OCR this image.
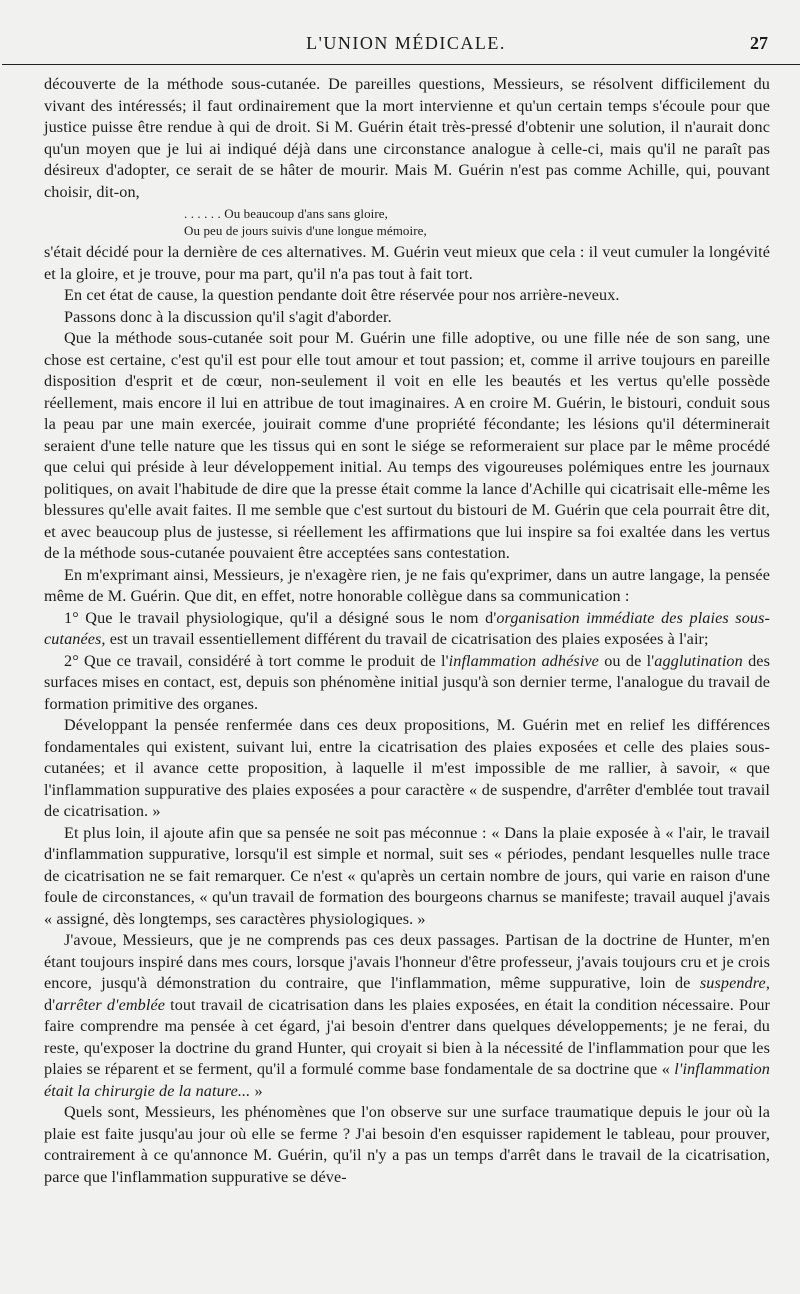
L'UNION MÉDICALE.	27

découverte de la méthode sous-cutanée. De pareilles questions, Messieurs, se résolvent difficilement du vivant des intéressés; il faut ordinairement que la mort intervienne et qu'un certain temps s'écoule pour que justice puisse être rendue à qui de droit. Si M. Guérin était très-pressé d'obtenir une solution, il n'aurait donc qu'un moyen que je lui ai indiqué déjà dans une circonstance analogue à celle-ci, mais qu'il ne paraît pas désireux d'adopter, ce serait de se hâter de mourir. Mais M. Guérin n'est pas comme Achille, qui, pouvant choisir, dit-on,

. . . . . . Ou beaucoup d'ans sans gloire,
Ou peu de jours suivis d'une longue mémoire,

s'était décidé pour la dernière de ces alternatives. M. Guérin veut mieux que cela : il veut cumuler la longévité et la gloire, et je trouve, pour ma part, qu'il n'a pas tout à fait tort.

En cet état de cause, la question pendante doit être réservée pour nos arrière-neveux.

Passons donc à la discussion qu'il s'agit d'aborder.

Que la méthode sous-cutanée soit pour M. Guérin une fille adoptive, ou une fille née de son sang, une chose est certaine, c'est qu'il est pour elle tout amour et tout passion; et, comme il arrive toujours en pareille disposition d'esprit et de cœur, non-seulement il voit en elle les beautés et les vertus qu'elle possède réellement, mais encore il lui en attribue de tout imaginaires. A en croire M. Guérin, le bistouri, conduit sous la peau par une main exercée, jouirait comme d'une propriété fécondante; les lésions qu'il déterminerait seraient d'une telle nature que les tissus qui en sont le siége se reformeraient sur place par le même procédé que celui qui préside à leur développement initial. Au temps des vigoureuses polémiques entre les journaux politiques, on avait l'habitude de dire que la presse était comme la lance d'Achille qui cicatrisait elle-même les blessures qu'elle avait faites. Il me semble que c'est surtout du bistouri de M. Guérin que cela pourrait être dit, et avec beaucoup plus de justesse, si réellement les affirmations que lui inspire sa foi exaltée dans les vertus de la méthode sous-cutanée pouvaient être acceptées sans contestation.

En m'exprimant ainsi, Messieurs, je n'exagère rien, je ne fais qu'exprimer, dans un autre langage, la pensée même de M. Guérin. Que dit, en effet, notre honorable collègue dans sa communication :

1° Que le travail physiologique, qu'il a désigné sous le nom d'organisation immédiate des plaies sous-cutanées, est un travail essentiellement différent du travail de cicatrisation des plaies exposées à l'air;

2° Que ce travail, considéré à tort comme le produit de l'inflammation adhésive ou de l'agglutination des surfaces mises en contact, est, depuis son phénomène initial jusqu'à son dernier terme, l'analogue du travail de formation primitive des organes.

Développant la pensée renfermée dans ces deux propositions, M. Guérin met en relief les différences fondamentales qui existent, suivant lui, entre la cicatrisation des plaies exposées et celle des plaies sous-cutanées; et il avance cette proposition, à laquelle il m'est impossible de me rallier, à savoir, « que l'inflammation suppurative des plaies exposées a pour caractère « de suspendre, d'arrêter d'emblée tout travail de cicatrisation. »

Et plus loin, il ajoute afin que sa pensée ne soit pas méconnue : « Dans la plaie exposée à « l'air, le travail d'inflammation suppurative, lorsqu'il est simple et normal, suit ses « périodes, pendant lesquelles nulle trace de cicatrisation ne se fait remarquer. Ce n'est « qu'après un certain nombre de jours, qui varie en raison d'une foule de circonstances, « qu'un travail de formation des bourgeons charnus se manifeste; travail auquel j'avais « assigné, dès longtemps, ses caractères physiologiques. »

J'avoue, Messieurs, que je ne comprends pas ces deux passages. Partisan de la doctrine de Hunter, m'en étant toujours inspiré dans mes cours, lorsque j'avais l'honneur d'être professeur, j'avais toujours cru et je crois encore, jusqu'à démonstration du contraire, que l'inflammation, même suppurative, loin de suspendre, d'arrêter d'emblée tout travail de cicatrisation dans les plaies exposées, en était la condition nécessaire. Pour faire comprendre ma pensée à cet égard, j'ai besoin d'entrer dans quelques développements; je ne ferai, du reste, qu'exposer la doctrine du grand Hunter, qui croyait si bien à la nécessité de l'inflammation pour que les plaies se réparent et se ferment, qu'il a formulé comme base fondamentale de sa doctrine que « l'inflammation était la chirurgie de la nature... »

Quels sont, Messieurs, les phénomènes que l'on observe sur une surface traumatique depuis le jour où la plaie est faite jusqu'au jour où elle se ferme ? J'ai besoin d'en esquisser rapidement le tableau, pour prouver, contrairement à ce qu'annonce M. Guérin, qu'il n'y a pas un temps d'arrêt dans le travail de la cicatrisation, parce que l'inflammation suppurative se déve-
